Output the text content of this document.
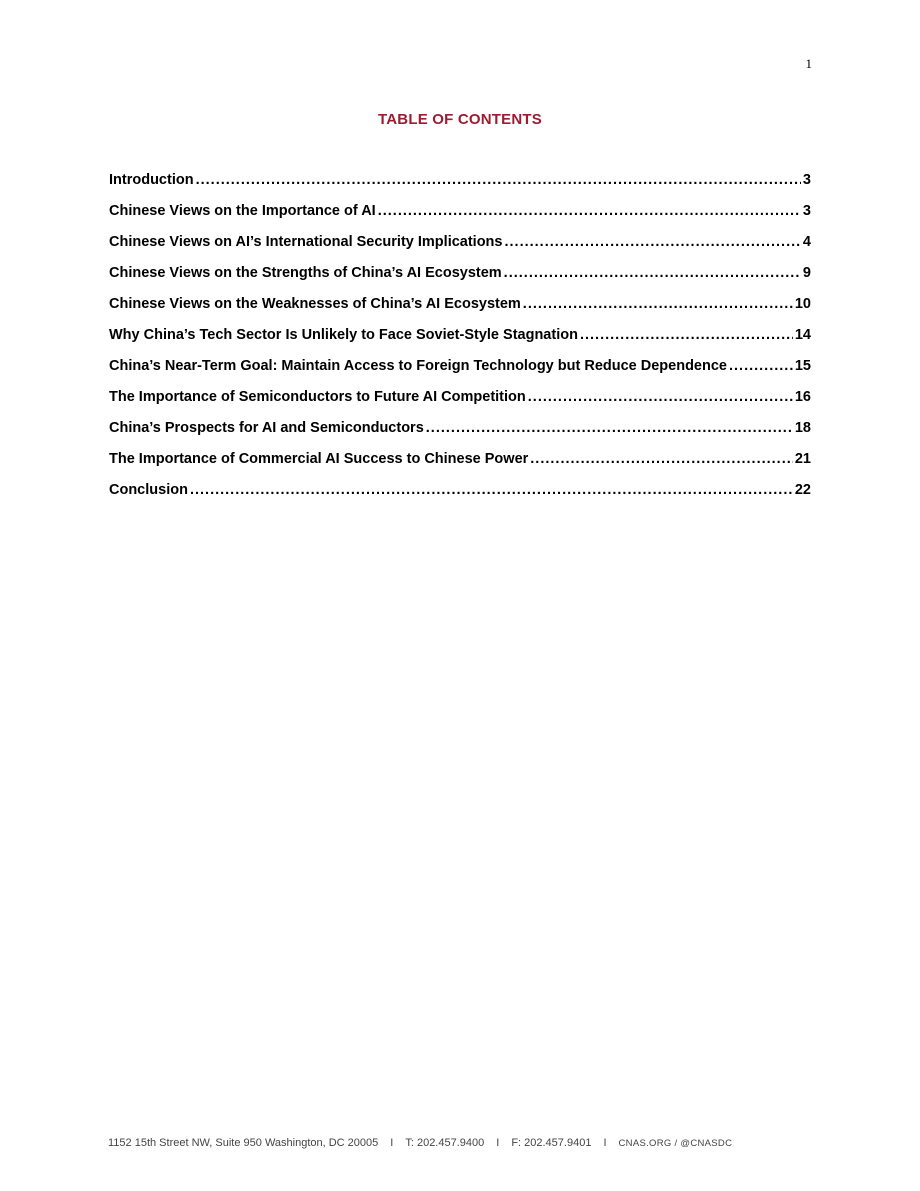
1
TABLE OF CONTENTS
Introduction .....	3
Chinese Views on the Importance of AI .....	3
Chinese Views on AI’s International Security Implications .....	4
Chinese Views on the Strengths of China’s AI Ecosystem .....	9
Chinese Views on the Weaknesses of China’s AI Ecosystem .....	10
Why China’s Tech Sector Is Unlikely to Face Soviet-Style Stagnation .....	14
China’s Near-Term Goal: Maintain Access to Foreign Technology but Reduce Dependence .....	15
The Importance of Semiconductors to Future AI Competition .....	16
China’s Prospects for AI and Semiconductors .....	18
The Importance of Commercial AI Success to Chinese Power .....	21
Conclusion .....	22
1152 15th Street NW, Suite 950 Washington, DC 20005 I T: 202.457.9400 I F: 202.457.9401 I CNAS.ORG / @CNASDC
